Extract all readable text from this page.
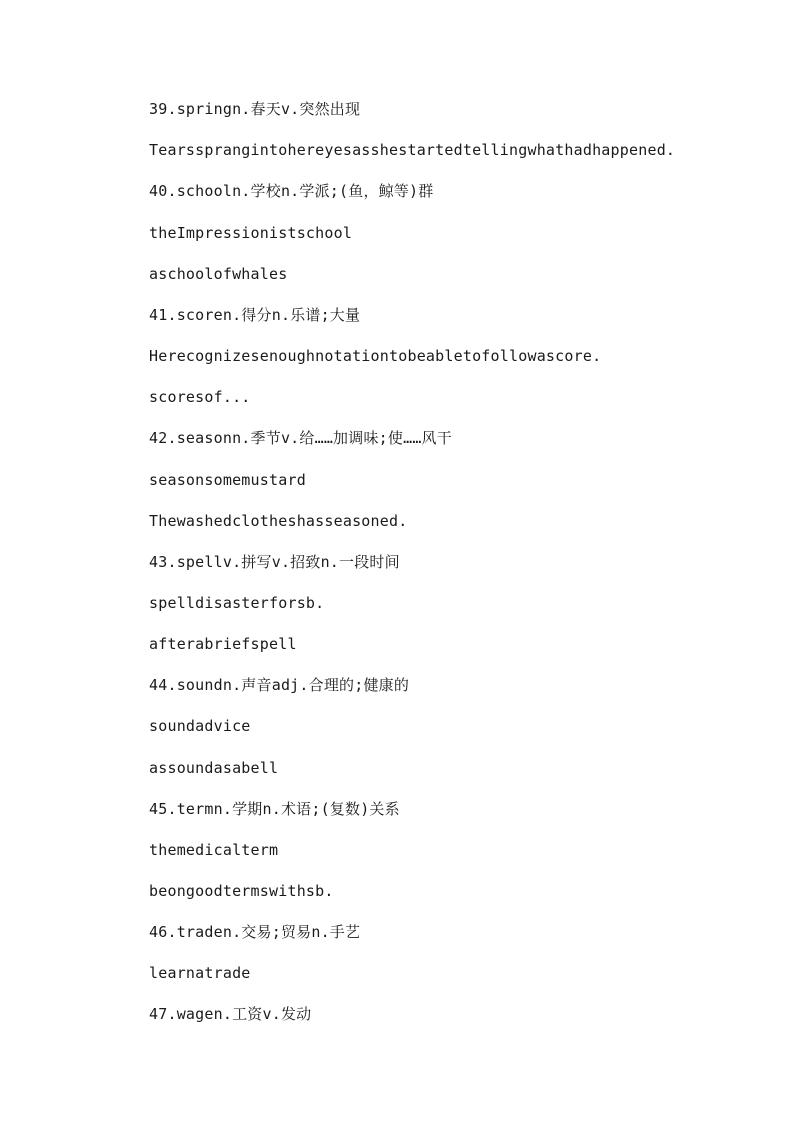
39.springn.春天v.突然出现
Tearssprangintohereyesasshestartedtellingwhathadhappened.
40.schooln.学校n.学派;(鱼，鲸等)群
theImpressionistschool
aschoolofwhales
41.scoren.得分n.乐谱;大量
Herecognizesenoughnotationtobeabletofollowascore.
scoresof...
42.seasonn.季节v.给……加调味;使……风干
seasonsomemustard
Thewashedclotheshasseasoned.
43.spellv.拼写v.招致n.一段时间
spelldisasterforsb.
afterabriefspell
44.soundn.声音adj.合理的;健康的
soundadvice
assoundasabell
45.termn.学期n.术语;(复数)关系
themedicalterm
beongoodtermswithsb.
46.traden.交易;贸易n.手艺
learnatrade
47.wagen.工资v.发动
